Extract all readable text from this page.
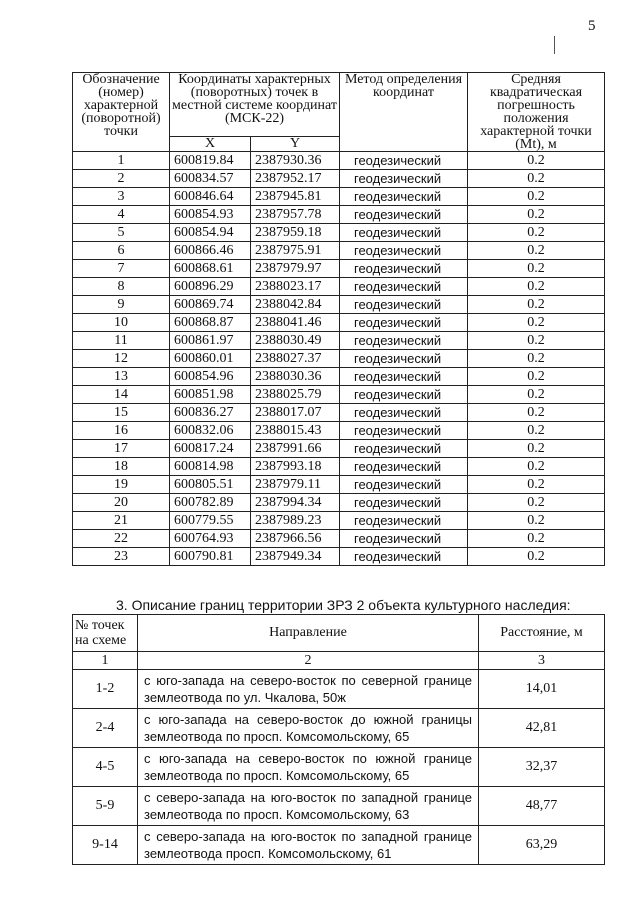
5
Обозначение (номер) характерной (поворотной) точки	Координаты характерных (поворотных) точек в местной системе координат (МСК-22)		Метод определения координат	Средняя квадратическая погрешность положения характерной точки (Mt), м
	X	Y		
1	600819.84	2387930.36	геодезический	0.2
2	600834.57	2387952.17	геодезический	0.2
3	600846.64	2387945.81	геодезический	0.2
4	600854.93	2387957.78	геодезический	0.2
5	600854.94	2387959.18	геодезический	0.2
6	600866.46	2387975.91	геодезический	0.2
7	600868.61	2387979.97	геодезический	0.2
8	600896.29	2388023.17	геодезический	0.2
9	600869.74	2388042.84	геодезический	0.2
10	600868.87	2388041.46	геодезический	0.2
11	600861.97	2388030.49	геодезический	0.2
12	600860.01	2388027.37	геодезический	0.2
13	600854.96	2388030.36	геодезический	0.2
14	600851.98	2388025.79	геодезический	0.2
15	600836.27	2388017.07	геодезический	0.2
16	600832.06	2388015.43	геодезический	0.2
17	600817.24	2387991.66	геодезический	0.2
18	600814.98	2387993.18	геодезический	0.2
19	600805.51	2387979.11	геодезический	0.2
20	600782.89	2387994.34	геодезический	0.2
21	600779.55	2387989.23	геодезический	0.2
22	600764.93	2387966.56	геодезический	0.2
23	600790.81	2387949.34	геодезический	0.2
3. Описание границ территории ЗРЗ 2 объекта культурного наследия:
№ точек на схеме	Направление	Расстояние, м
1	2	3
1-2	с юго-запада на северо-восток по северной границе землеотвода по ул. Чкалова, 50ж	14,01
2-4	с юго-запада на северо-восток до южной границы землеотвода по просп. Комсомольскому, 65	42,81
4-5	с юго-запада на северо-восток по южной границе землеотвода по просп. Комсомольскому, 65	32,37
5-9	с северо-запада на юго-восток по западной границе землеотвода по просп. Комсомольскому, 63	48,77
9-14	с северо-запада на юго-восток по западной границе землеотвода просп. Комсомольскому, 61	63,29
